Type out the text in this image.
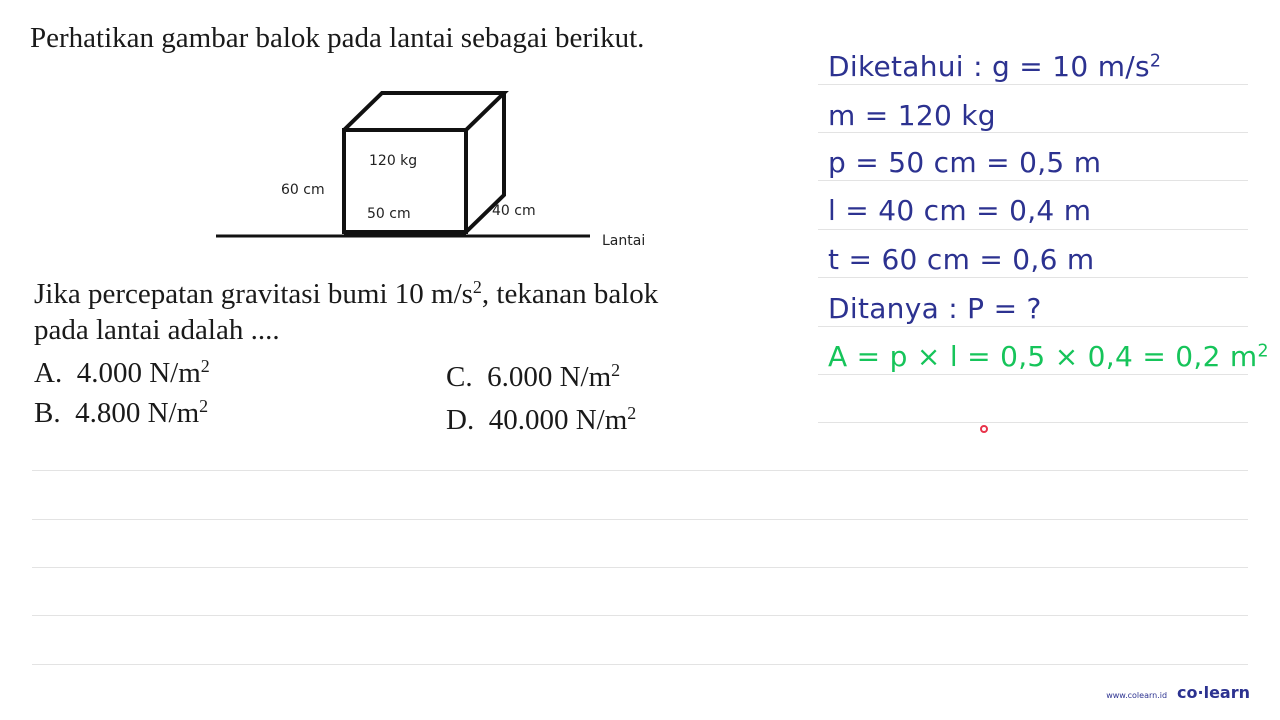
Perhatikan gambar balok pada lantai sebagai berikut.
120 kg
60 cm
50 cm	40 cm
Lantai
Jika percepatan gravitasi bumi 10 $m/s^2$, tekanan balok
pada lantai adalah ....
A. 4.000 $N/m^2$
B. 4.800 $N/m^2$
C. 6.000 $N/m^2$
D. 40.000 $N/m^2$
Diketahui : g = 10 $m/s^2$
m = 120 kg
p = 50 cm = 0,5 m
l = 40 cm = 0,4 m
t = 60 cm = 0,6 m
Ditanya : P = ?
A = p × l = 0,5 × 0,4 = 0,2 $m^2$
www.colearn.id co·learn
